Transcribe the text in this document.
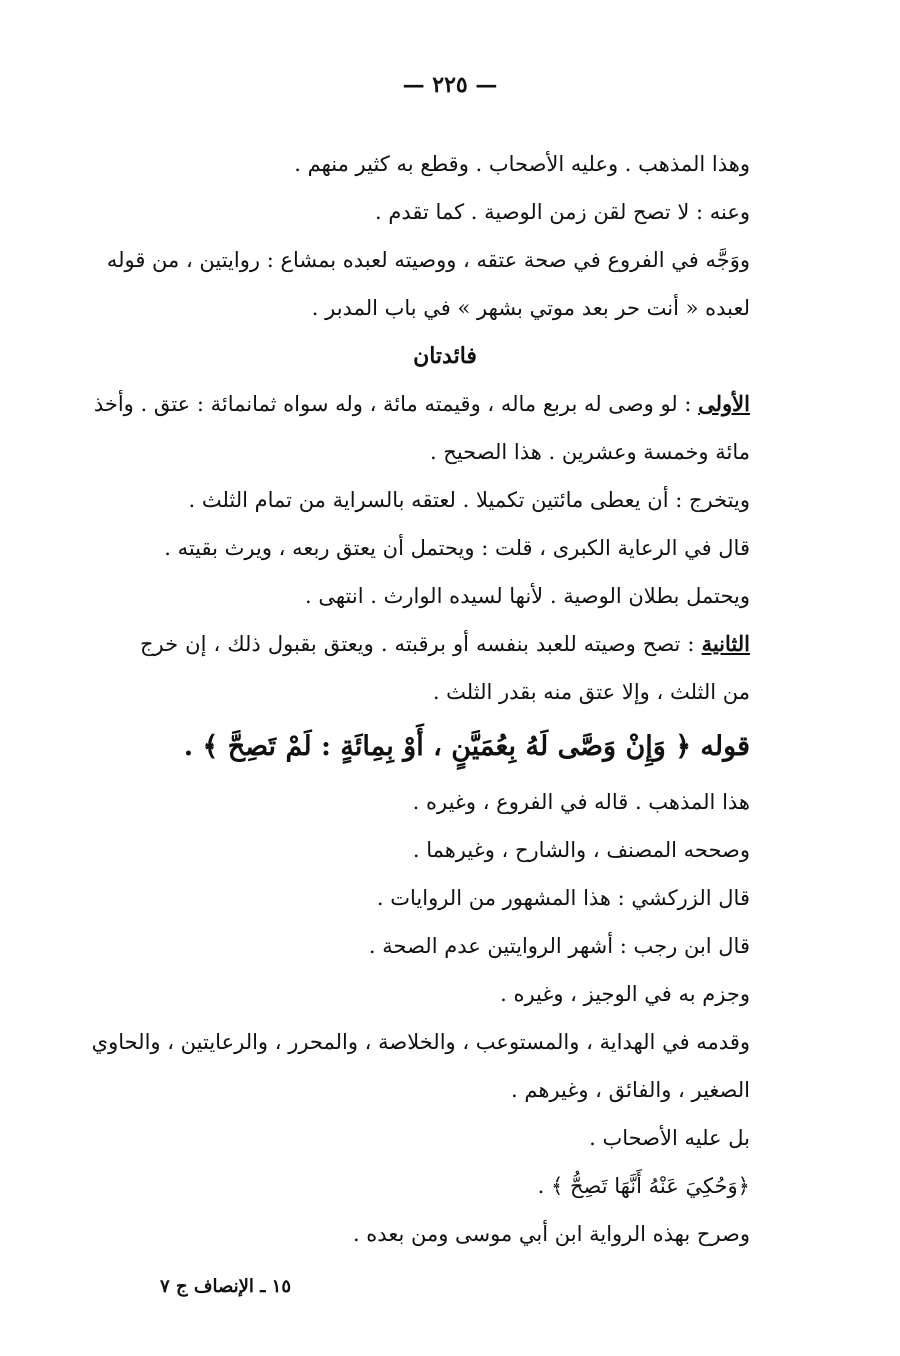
— ٢٢٥ —
وهذا المذهب . وعليه الأصحاب . وقطع به كثير منهم .
وعنه : لا تصح لقن زمن الوصية . كما تقدم .
ووَجَّه في الفروع في صحة عتقه ، ووصيته لعبده بمشاع : روايتين ، من قوله
لعبده « أنت حر بعد موتي بشهر » في باب المدبر .
فائدتان
الأولى : لو وصى له بربع ماله ، وقيمته مائة ، وله سواه ثمانمائة : عتق . وأخذ
مائة وخمسة وعشرين . هذا الصحيح .
ويتخرج : أن يعطى مائتين تكميلا . لعتقه بالسراية من تمام الثلث .
قال في الرعاية الكبرى ، قلت : ويحتمل أن يعتق ربعه ، ويرث بقيته .
ويحتمل بطلان الوصية . لأنها لسيده الوارث . انتهى .
الثانية : تصح وصيته للعبد بنفسه أو برقبته . ويعتق بقبول ذلك ، إن خرج
من الثلث ، وإلا عتق منه بقدر الثلث .
قوله ﴿ وَإِنْ وَصَّى لَهُ بِعُمَيَّنٍ ، أَوْ بِمِائَةٍ : لَمْ تَصِحَّ ﴾ .
هذا المذهب . قاله في الفروع ، وغيره .
وصححه المصنف ، والشارح ، وغيرهما .
قال الزركشي : هذا المشهور من الروايات .
قال ابن رجب : أشهر الروايتين عدم الصحة .
وجزم به في الوجيز ، وغيره .
وقدمه في الهداية ، والمستوعب ، والخلاصة ، والمحرر ، والرعايتين ، والحاوي
الصغير ، والفائق ، وغيرهم .
بل عليه الأصحاب .
﴿وَحُكِيَ عَنْهُ أَنَّهَا تَصِحُّ ﴾ .
وصرح بهذه الرواية ابن أبي موسى ومن بعده .
١٥ ـ الإنصاف ج ٧
